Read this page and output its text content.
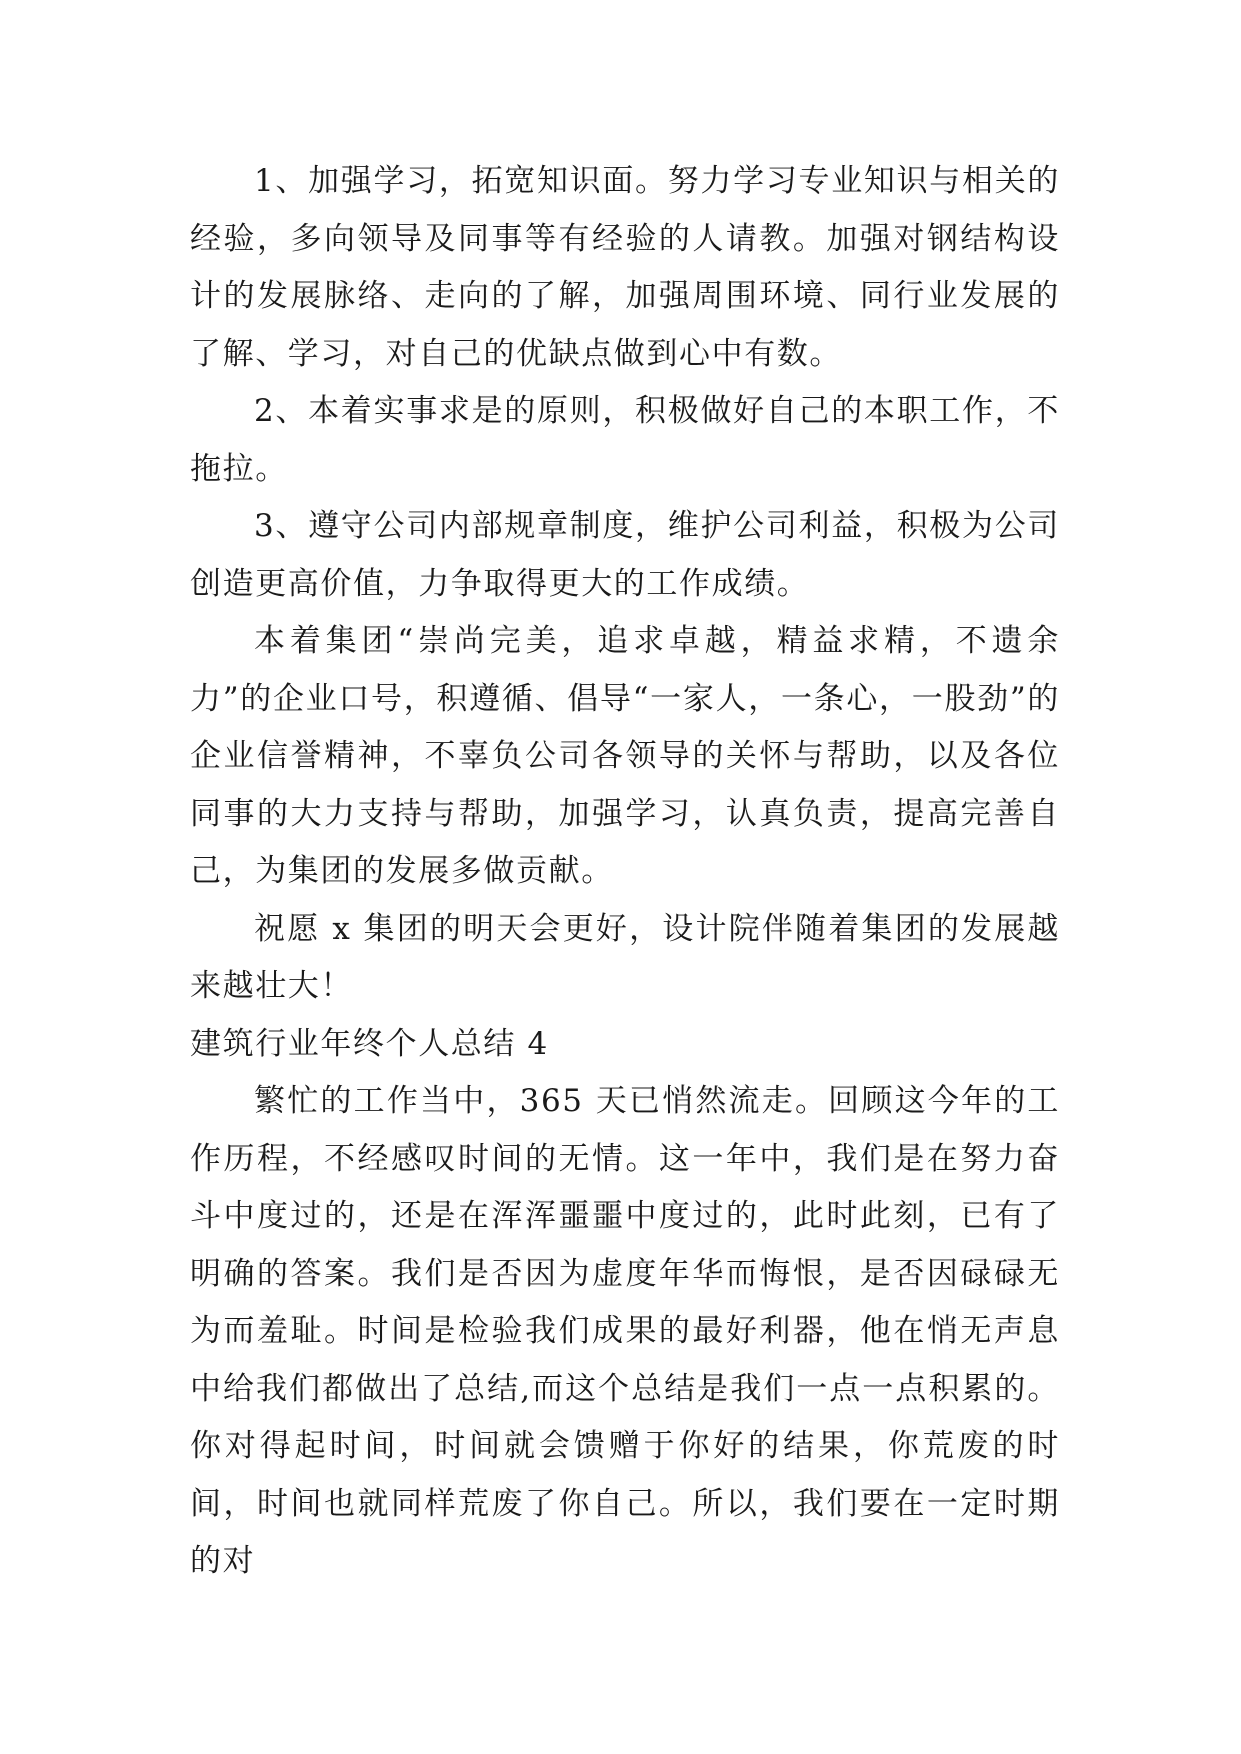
1、加强学习，拓宽知识面。努力学习专业知识与相关的经验，多向领导及同事等有经验的人请教。加强对钢结构设计的发展脉络、走向的了解，加强周围环境、同行业发展的了解、学习，对自己的优缺点做到心中有数。

2、本着实事求是的原则，积极做好自己的本职工作，不拖拉。

3、遵守公司内部规章制度，维护公司利益，积极为公司创造更高价值，力争取得更大的工作成绩。

本着集团“崇尚完美，追求卓越，精益求精，不遗余力”的企业口号，积遵循、倡导“一家人，一条心，一股劲”的企业信誉精神，不辜负公司各领导的关怀与帮助，以及各位同事的大力支持与帮助，加强学习，认真负责，提高完善自己，为集团的发展多做贡献。

祝愿 x 集团的明天会更好，设计院伴随着集团的发展越来越壮大！

建筑行业年终个人总结 4

繁忙的工作当中，365 天已悄然流走。回顾这今年的工作历程，不经感叹时间的无情。这一年中，我们是在努力奋斗中度过的，还是在浑浑噩噩中度过的，此时此刻，已有了明确的答案。我们是否因为虚度年华而悔恨，是否因碌碌无为而羞耻。时间是检验我们成果的最好利器，他在悄无声息中给我们都做出了总结,而这个总结是我们一点一点积累的。你对得起时间，时间就会馈赠于你好的结果，你荒废的时间，时间也就同样荒废了你自己。所以，我们要在一定时期的对
